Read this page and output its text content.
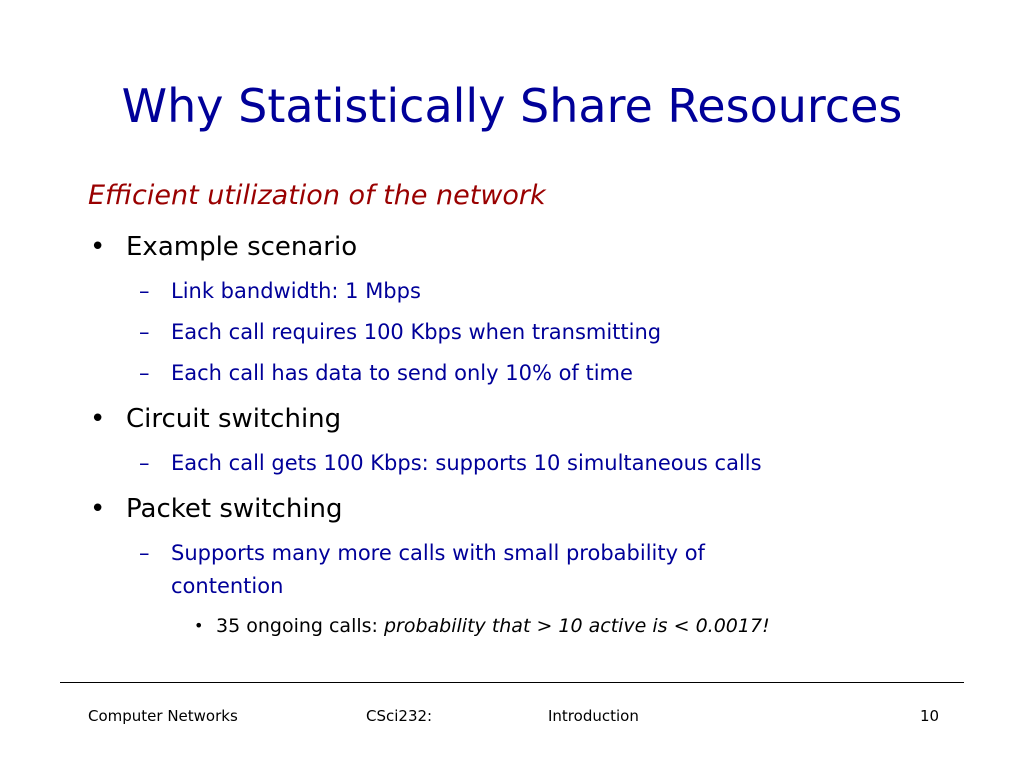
Why Statistically Share Resources
Efficient utilization of the network
• Example scenario
– Link bandwidth: 1 Mbps
– Each call requires 100 Kbps when transmitting
– Each call has data to send only 10% of time
• Circuit switching
– Each call gets 100 Kbps: supports 10 simultaneous calls
• Packet switching
– Supports many more calls with small probability of
contention
• 35 ongoing calls: probability that > 10 active is < 0.0017!
Computer Networks	CSci232:	Introduction	10
